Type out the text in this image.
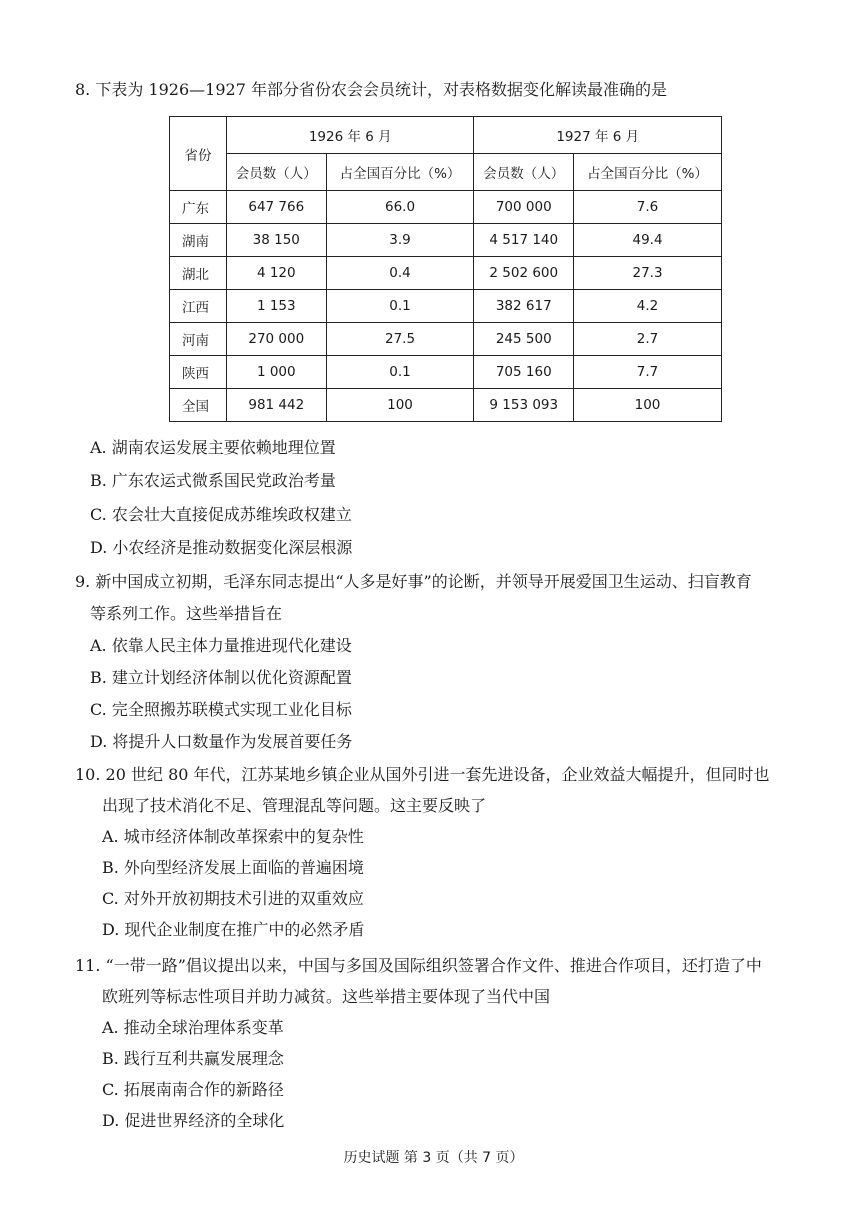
8. 下表为 1926—1927 年部分省份农会会员统计，对表格数据变化解读最准确的是
省份	1926 年 6 月		1927 年 6 月	
	会员数（人）	占全国百分比（%）	会员数（人）	占全国百分比（%）
广东	647 766	66.0	700 000	7.6
湖南	38 150	3.9	4 517 140	49.4
湖北	4 120	0.4	2 502 600	27.3
江西	1 153	0.1	382 617	4.2
河南	270 000	27.5	245 500	2.7
陕西	1 000	0.1	705 160	7.7
全国	981 442	100	9 153 093	100
A. 湖南农运发展主要依赖地理位置
B. 广东农运式微系国民党政治考量
C. 农会壮大直接促成苏维埃政权建立
D. 小农经济是推动数据变化深层根源
9. 新中国成立初期，毛泽东同志提出“人多是好事”的论断，并领导开展爱国卫生运动、扫盲教育
等系列工作。这些举措旨在
A. 依靠人民主体力量推进现代化建设
B. 建立计划经济体制以优化资源配置
C. 完全照搬苏联模式实现工业化目标
D. 将提升人口数量作为发展首要任务
10. 20 世纪 80 年代，江苏某地乡镇企业从国外引进一套先进设备，企业效益大幅提升，但同时也
出现了技术消化不足、管理混乱等问题。这主要反映了
A. 城市经济体制改革探索中的复杂性
B. 外向型经济发展上面临的普遍困境
C. 对外开放初期技术引进的双重效应
D. 现代企业制度在推广中的必然矛盾
11. “一带一路”倡议提出以来，中国与多国及国际组织签署合作文件、推进合作项目，还打造了中
欧班列等标志性项目并助力减贫。这些举措主要体现了当代中国
A. 推动全球治理体系变革
B. 践行互利共赢发展理念
C. 拓展南南合作的新路径
D. 促进世界经济的全球化
历史试题 第 3 页（共 7 页）
